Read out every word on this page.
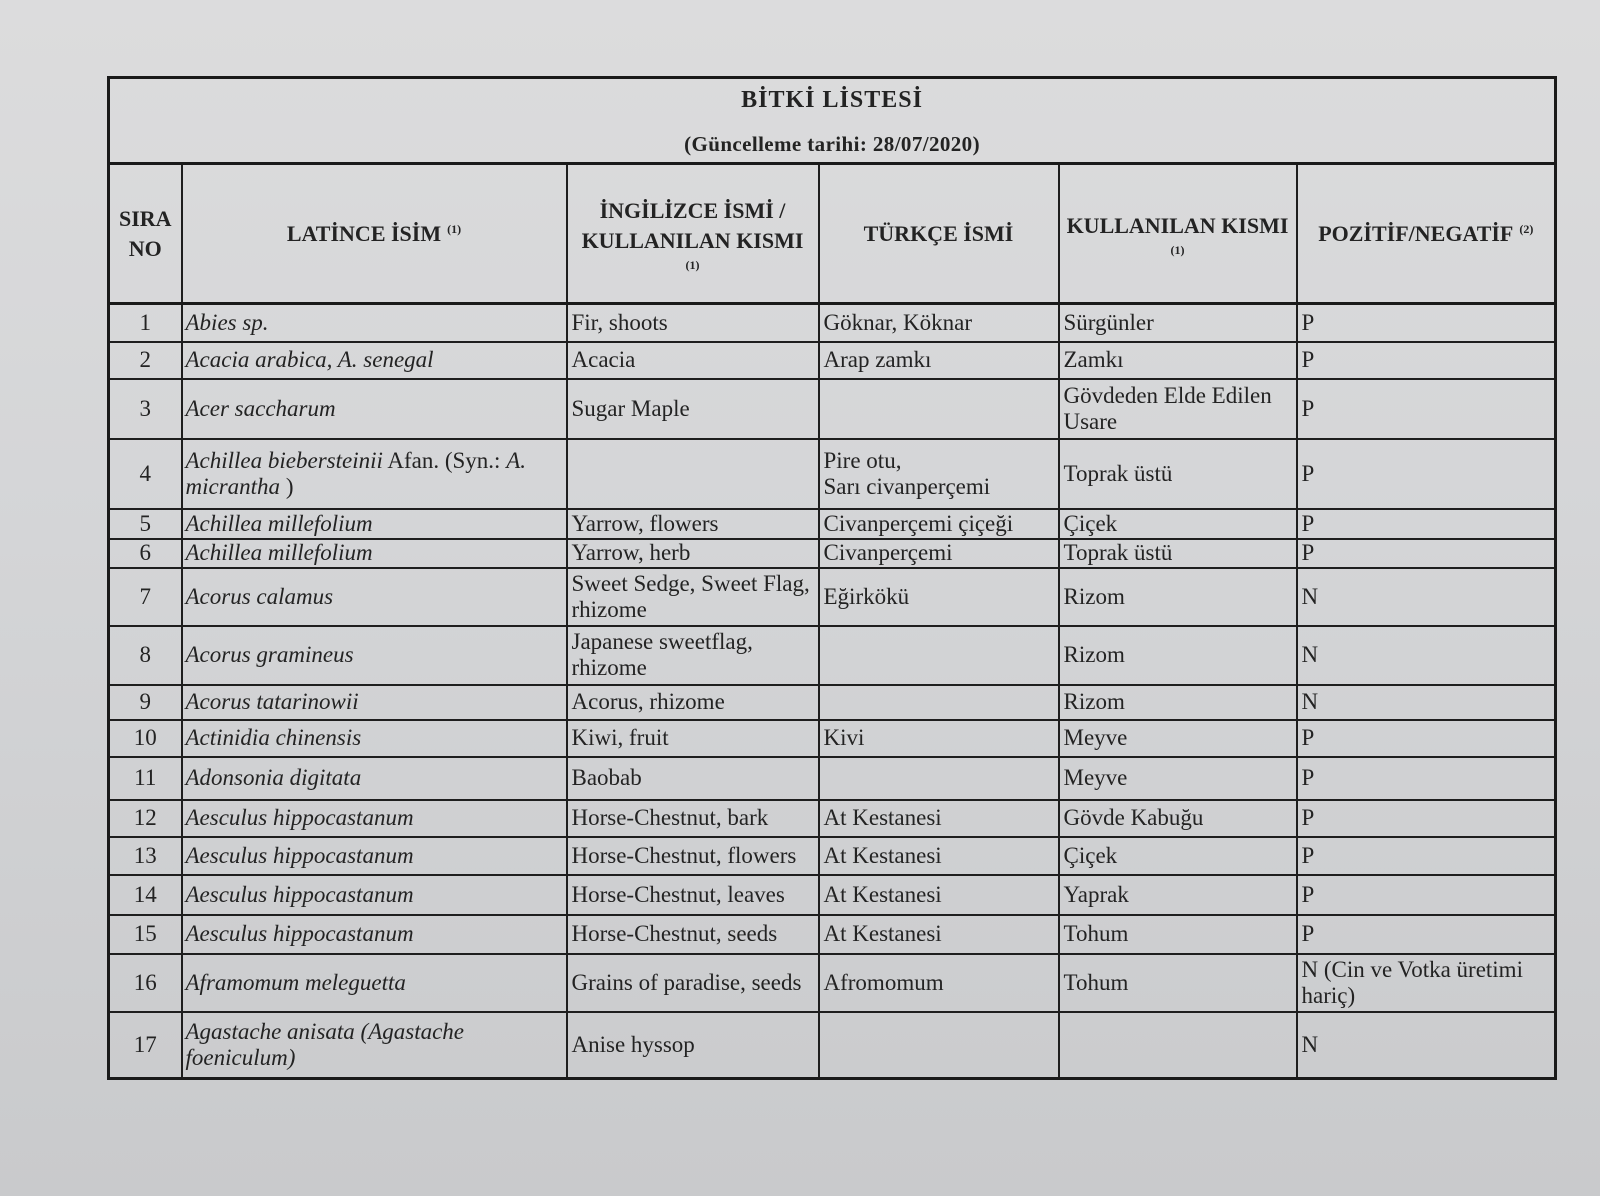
BİTKİ LİSTESİ
(Güncelleme tarihi: 28/07/2020)					

SIRA
NO	LATİNCE İSİM $^{(1)}$	İNGİLİZCE İSMİ /
KULLANILAN KISMI
(1)	TÜRKÇE İSMİ	KULLANILAN KISMI
(1)	POZİTİF/NEGATİF $^{(2)}$
1	Abies sp.	Fir, shoots	Göknar, Köknar	Sürgünler	P
2	Acacia arabica, A. senegal	Acacia	Arap zamkı	Zamkı	P
3	Acer saccharum	Sugar Maple		Gövdeden Elde Edilen Usare	P
4	Achillea biebersteinii Afan. (Syn.: A. micrantha )		Pire otu,
Sarı civanperçemi	Toprak üstü	P
5	Achillea millefolium	Yarrow, flowers	Civanperçemi çiçeği	Çiçek	P
6	Achillea millefolium	Yarrow, herb	Civanperçemi	Toprak üstü	P
7	Acorus calamus	Sweet Sedge, Sweet Flag, rhizome	Eğirkökü	Rizom	N
8	Acorus gramineus	Japanese sweetflag, rhizome		Rizom	N
9	Acorus tatarinowii	Acorus, rhizome		Rizom	N
10	Actinidia chinensis	Kiwi, fruit	Kivi	Meyve	P
11	Adonsonia digitata	Baobab		Meyve	P
12	Aesculus hippocastanum	Horse-Chestnut, bark	At Kestanesi	Gövde Kabuğu	P
13	Aesculus hippocastanum	Horse-Chestnut, flowers	At Kestanesi	Çiçek	P
14	Aesculus hippocastanum	Horse-Chestnut, leaves	At Kestanesi	Yaprak	P
15	Aesculus hippocastanum	Horse-Chestnut, seeds	At Kestanesi	Tohum	P
16	Aframomum meleguetta	Grains of paradise, seeds	Afromomum	Tohum	N (Cin ve Votka üretimi hariç)
17	Agastache anisata (Agastache foeniculum)	Anise hyssop			N
